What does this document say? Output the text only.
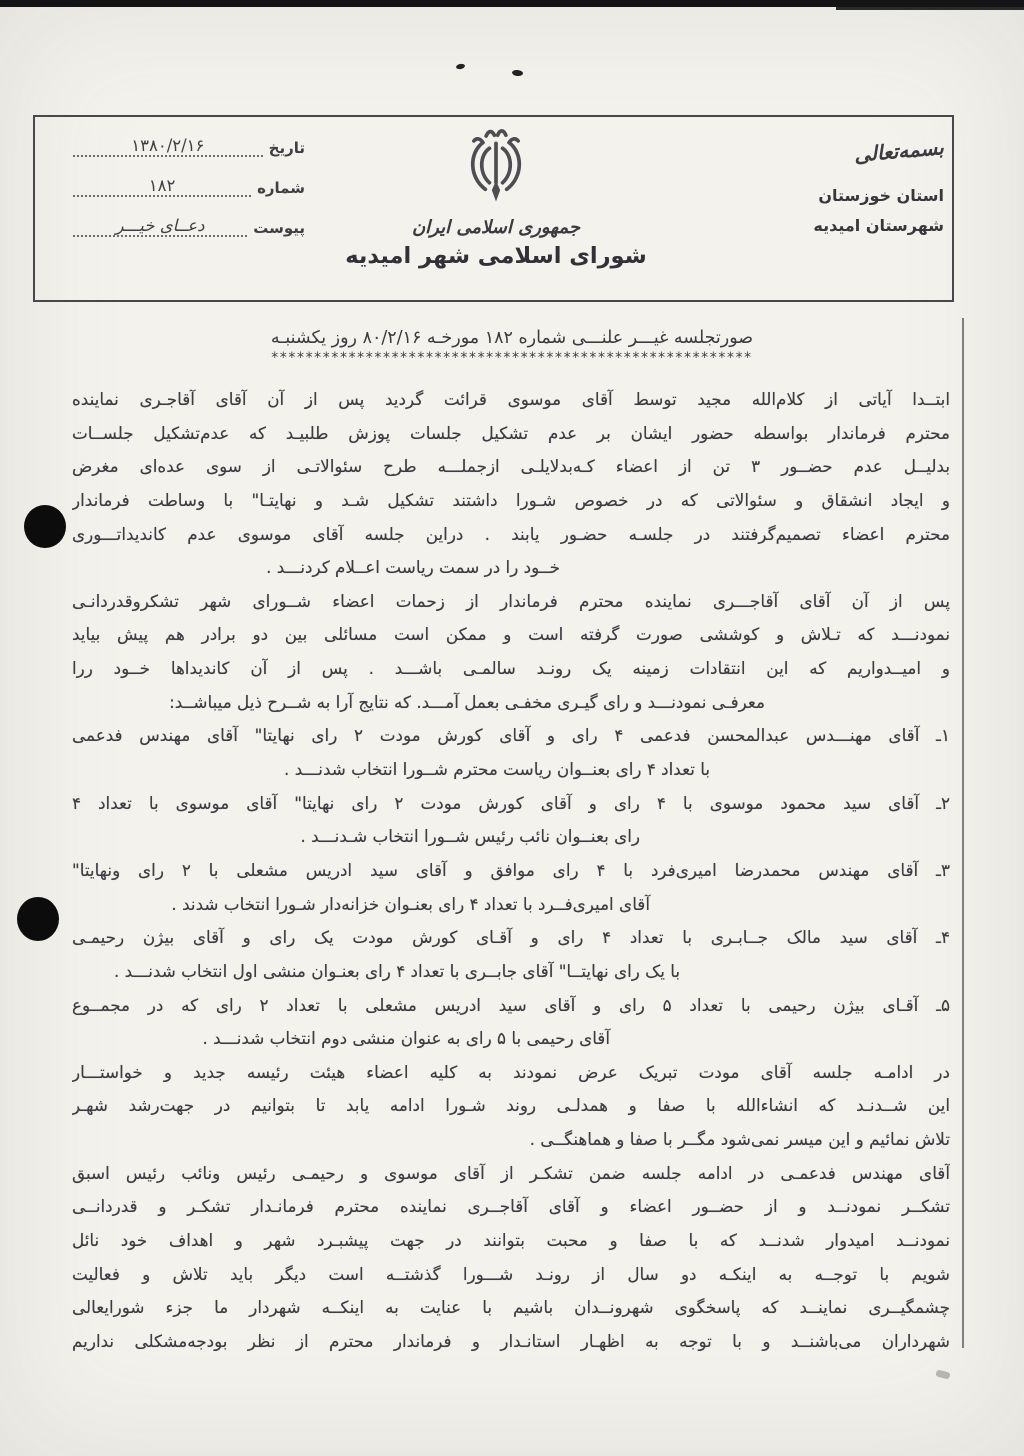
تاریخ
۱۳۸۰/۲/۱۶
شماره
۱۸۲
پیوست
دعــای خیـــر	جمهوری اسلامی ایران
شورای اسلامی شهر امیدیه
بسمه‌تعالی
استان خوزستان
شهرستان امیدیه
صورتجلسه غیـــر علنـــی شماره ۱۸۲ مورخـه ۸۰/۲/۱۶ روز یکشنبـه
********************************************************
ابتــدا آیاتی از کلام‌الله مجید توسط آقای موسوی قرائت گردید پس از آن آقای آقاجـری نماینده
محترم فرماندار بواسطه حضور ایشان بر عدم تشکیل جلسات پوزش طلبیـد که عدم‌تشکیل جلســات
بدلیــل عدم حضــور ۳ تن از اعضاء کـه‌بدلایلـی ازجملـــه طرح سئوالاتـی از سوی عده‌ای مغرض
و ایجاد انشقاق و سئوالاتی که در خصوص شـورا داشتند تشکیل شـد و نهایتـا" با وساطت فرماندار
محترم اعضاء تصمیم‌گرفتند در جلسـه حضـور یابند . دراین جلسه آقای موسوی عدم کاندیداتـــوری
خــود را در سمت ریاست اعــلام کردنـــد .
پس از آن آقای آقاجـــری نماینده محترم فرماندار از زحمات اعضاء شــورای شهر تشکروقدردانـی
نمودنـــد که تـلاش و کوششی صورت گرفته است و ممکن است مسائلی بین دو برادر هم پیش بیاید
و امیــدواریم که این انتقادات زمینه یک رونـد سالمـی باشـــد . پس از آن کاندیداها خــود ررا
معرفـی نمودنـــد و رای گیـری مخفـی بعمل آمـــد. که نتایج آرا به شــرح ذیل میباشــد:
۱ـ آقای مهنـــدس عبدالمحسن فدعمی ۴ رای و آقای کورش مودت ۲ رای نهایتا" آقای مهندس فدعمی
با تعداد ۴ رای بعنــوان ریاست محترم شــورا انتخاب شدنـــد .
۲ـ آقای سید محمود موسوی با ۴ رای و آقای کورش مودت ۲ رای نهایتا" آقای موسوی با تعداد ۴
رای بعنــوان نائب رئیس شــورا انتخاب شـدنـــد .
۳ـ آقای مهندس محمدرضا امیری‌فرد با ۴ رای موافق و آقای سید ادریس مشعلی با ۲ رای ونهایتا"
آقای امیری‌فــرد با تعداد ۴ رای بعنـوان خزانه‌دار شـورا انتخاب شدند .
۴ـ آقای سید مالک جــابـری با تعداد ۴ رای و آقـای کورش مودت یک رای و آقای بیژن رحیمـی
با یک رای نهایتــا" آقای جابــری با تعداد ۴ رای بعنـوان منشی اول انتخاب شدنـــد .
۵ـ آقـای بیژن رحیمی با تعداد ۵ رای و آقای سید ادریس مشعلی با تعداد ۲ رای که در مجمــوع
آقای رحیمی با ۵ رای به عنوان منشی دوم انتخاب شدنـــد .
در ادامـه جلسه آقای مودت تبریک عرض نمودند به کلیه اعضاء هیئت رئیسه جدید و خواستـــار
این شــدنـد که انشاءالله با صفا و همدلـی روند شـورا ادامه یابد تا بتوانیم در جهت‌رشد شهـر
تلاش نمائیم و این میسر نمی‌شود مگــر با صفا و هماهنگــی .
آقای مهندس فدعمـی در ادامه جلسه ضمن تشکـر از آقای موسوی و رحیمـی رئیس ونائب رئیس اسبق
تشکــر نمودنــد و از حضــور اعضاء و آقای آقاجــری نماینده محترم فرمانـدار تشکـر و قدردانــی
نمودنــد امیدوار شدنــد که با صفا و محبت بتوانند در جهت پیشبـرد شهر و اهداف خود نائل
شویم با توجــه به اینکـه دو سال از رونـد شـــورا گذشتــه است دیگر باید تلاش و فعالیت
چشمگیــری نماینــد که پاسخگوی شهرونــدان باشیم با عنایت به اینکــه شهردار ما جزء شورایعالی
شهرداران می‌باشنــد و با توجه به اظهـار استانـدار و فرماندار محترم از نظر بودجه‌مشکلی نداریم
